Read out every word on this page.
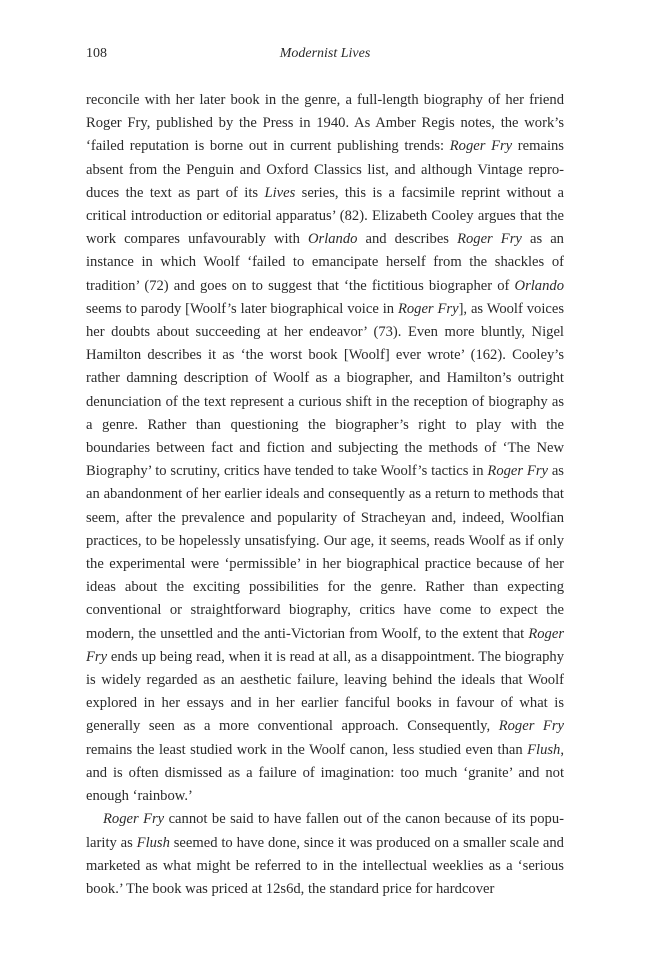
108	Modernist Lives

reconcile with her later book in the genre, a full-length biography of her friend Roger Fry, published by the Press in 1940. As Amber Regis notes, the work’s ‘failed reputation is borne out in current publishing trends: Roger Fry remains absent from the Penguin and Oxford Classics list, and although Vintage reproduces the text as part of its Lives series, this is a facsimile reprint without a critical introduction or editorial apparatus’ (82). Elizabeth Cooley argues that the work compares unfavourably with Orlando and describes Roger Fry as an instance in which Woolf ‘failed to emancipate herself from the shackles of tradition’ (72) and goes on to suggest that ‘the fictitious biographer of Orlando seems to parody [Woolf’s later biographical voice in Roger Fry], as Woolf voices her doubts about succeeding at her endeavor’ (73). Even more bluntly, Nigel Hamilton describes it as ‘the worst book [Woolf] ever wrote’ (162). Cooley’s rather damning description of Woolf as a biographer, and Hamilton’s outright denunciation of the text represent a curious shift in the reception of biography as a genre. Rather than questioning the biographer’s right to play with the boundaries between fact and fiction and subjecting the methods of ‘The New Biography’ to scrutiny, critics have tended to take Woolf’s tactics in Roger Fry as an abandonment of her earlier ideals and consequently as a return to methods that seem, after the prevalence and popularity of Stracheyan and, indeed, Woolfian practices, to be hopelessly unsatisfying. Our age, it seems, reads Woolf as if only the experimental were ‘permissible’ in her biographical practice because of her ideas about the exciting possibilities for the genre. Rather than expecting conventional or straightforward biography, critics have come to expect the modern, the unsettled and the anti-Victorian from Woolf, to the extent that Roger Fry ends up being read, when it is read at all, as a disappointment. The biography is widely regarded as an aesthetic failure, leaving behind the ideals that Woolf explored in her essays and in her earlier fanciful books in favour of what is generally seen as a more conventional approach. Consequently, Roger Fry remains the least studied work in the Woolf canon, less studied even than Flush, and is often dismissed as a failure of imagination: too much ‘granite’ and not enough ‘rainbow.’

Roger Fry cannot be said to have fallen out of the canon because of its popularity as Flush seemed to have done, since it was produced on a smaller scale and marketed as what might be referred to in the intellectual weeklies as a ‘serious book.’ The book was priced at 12s6d, the standard price for hardcover
